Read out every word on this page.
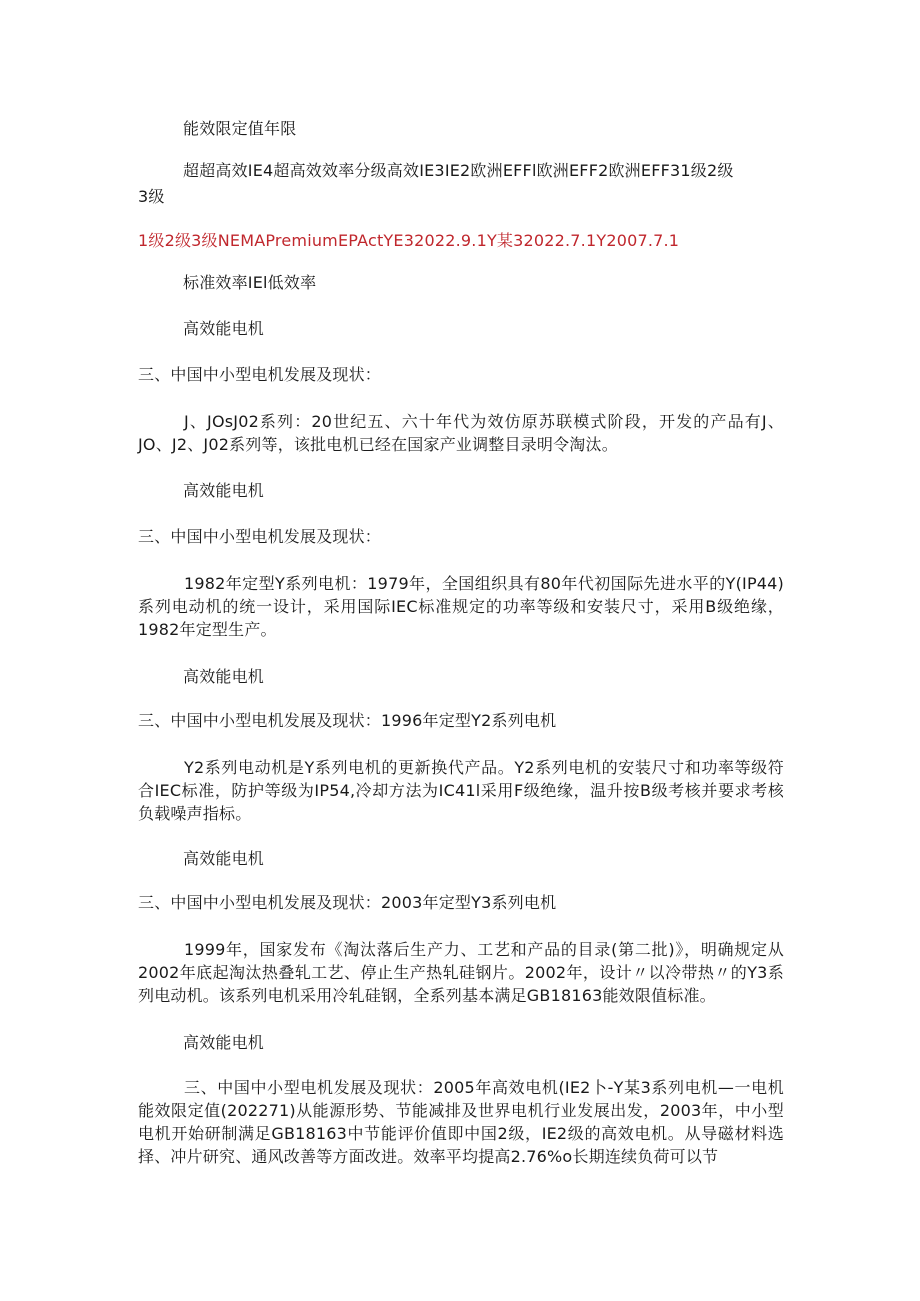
能效限定值年限
超超高效IE4超高效效率分级高效IE3IE2欧洲EFFl欧洲EFF2欧洲EFF31级2级
3级
1级2级3级NEMAPremiumEPActYE32022.9.1Y某32022.7.1Y2007.7.1
标准效率IEl低效率
高效能电机
三、中国中小型电机发展及现状：

J、JOsJ02系列：20世纪五、六十年代为效仿原苏联模式阶段，开发的产品有J、JO、J2、J02系列等，该批电机已经在国家产业调整目录明令淘汰。

高效能电机
三、中国中小型电机发展及现状：

1982年定型Y系列电机：1979年，全国组织具有80年代初国际先进水平的Y(IP44)系列电动机的统一设计，采用国际IEC标准规定的功率等级和安装尺寸，采用B级绝缘，1982年定型生产。

高效能电机
三、中国中小型电机发展及现状：1996年定型Y2系列电机

Y2系列电动机是Y系列电机的更新换代产品。Y2系列电机的安装尺寸和功率等级符合IEC标准，防护等级为IP54,冷却方法为IC41l采用F级绝缘，温升按B级考核并要求考核负载噪声指标。

高效能电机
三、中国中小型电机发展及现状：2003年定型Y3系列电机

1999年，国家发布《淘汰落后生产力、工艺和产品的目录(第二批)》，明确规定从2002年底起淘汰热叠轧工艺、停止生产热轧硅钢片。2002年，设计〃以冷带热〃的Y3系列电动机。该系列电机采用冷轧硅钢，全系列基本满足GB18163能效限值标准。

高效能电机

三、中国中小型电机发展及现状：2005年高效电机(IE2卜-Y某3系列电机—一电机能效限定值(202271)从能源形势、节能减排及世界电机行业发展出发，2003年，中小型电机开始研制满足GB18163中节能评价值即中国2级，IE2级的高效电机。从导磁材料选择、冲片研究、通风改善等方面改进。效率平均提高2.76%o长期连续负荷可以节
